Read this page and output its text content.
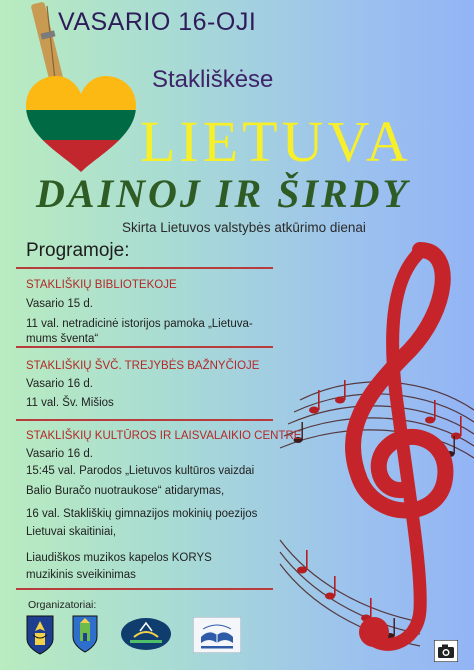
VASARIO 16-OJI
Stakliškėse
LIETUVA
DAINOJ IR ŠIRDY
Skirta Lietuvos valstybės atkūrimo dienai
Programoje:
STAKLIŠKIŲ BIBLIOTEKOJE
Vasario 15 d.
11 val. netradicinė istorijos pamoka „Lietuva-
mums šventa“
STAKLIŠKIŲ ŠVČ. TREJYBĖS BAŽNYČIOJE
Vasario 16 d.
11 val. Šv. Mišios
STAKLIŠKIŲ KULTŪROS IR LAISVALAIKIO CENTRE
Vasario 16 d.
15:45 val. Parodos „Lietuvos kultūros vaizdai
Balio Buračo nuotraukose“ atidarymas,
16 val. Stakliškių gimnazijos mokinių poezijos
Lietuvai skaitiniai,
Liaudiškos muzikos kapelos KORYS
muzikinis sveikinimas
Organizatoriai:
